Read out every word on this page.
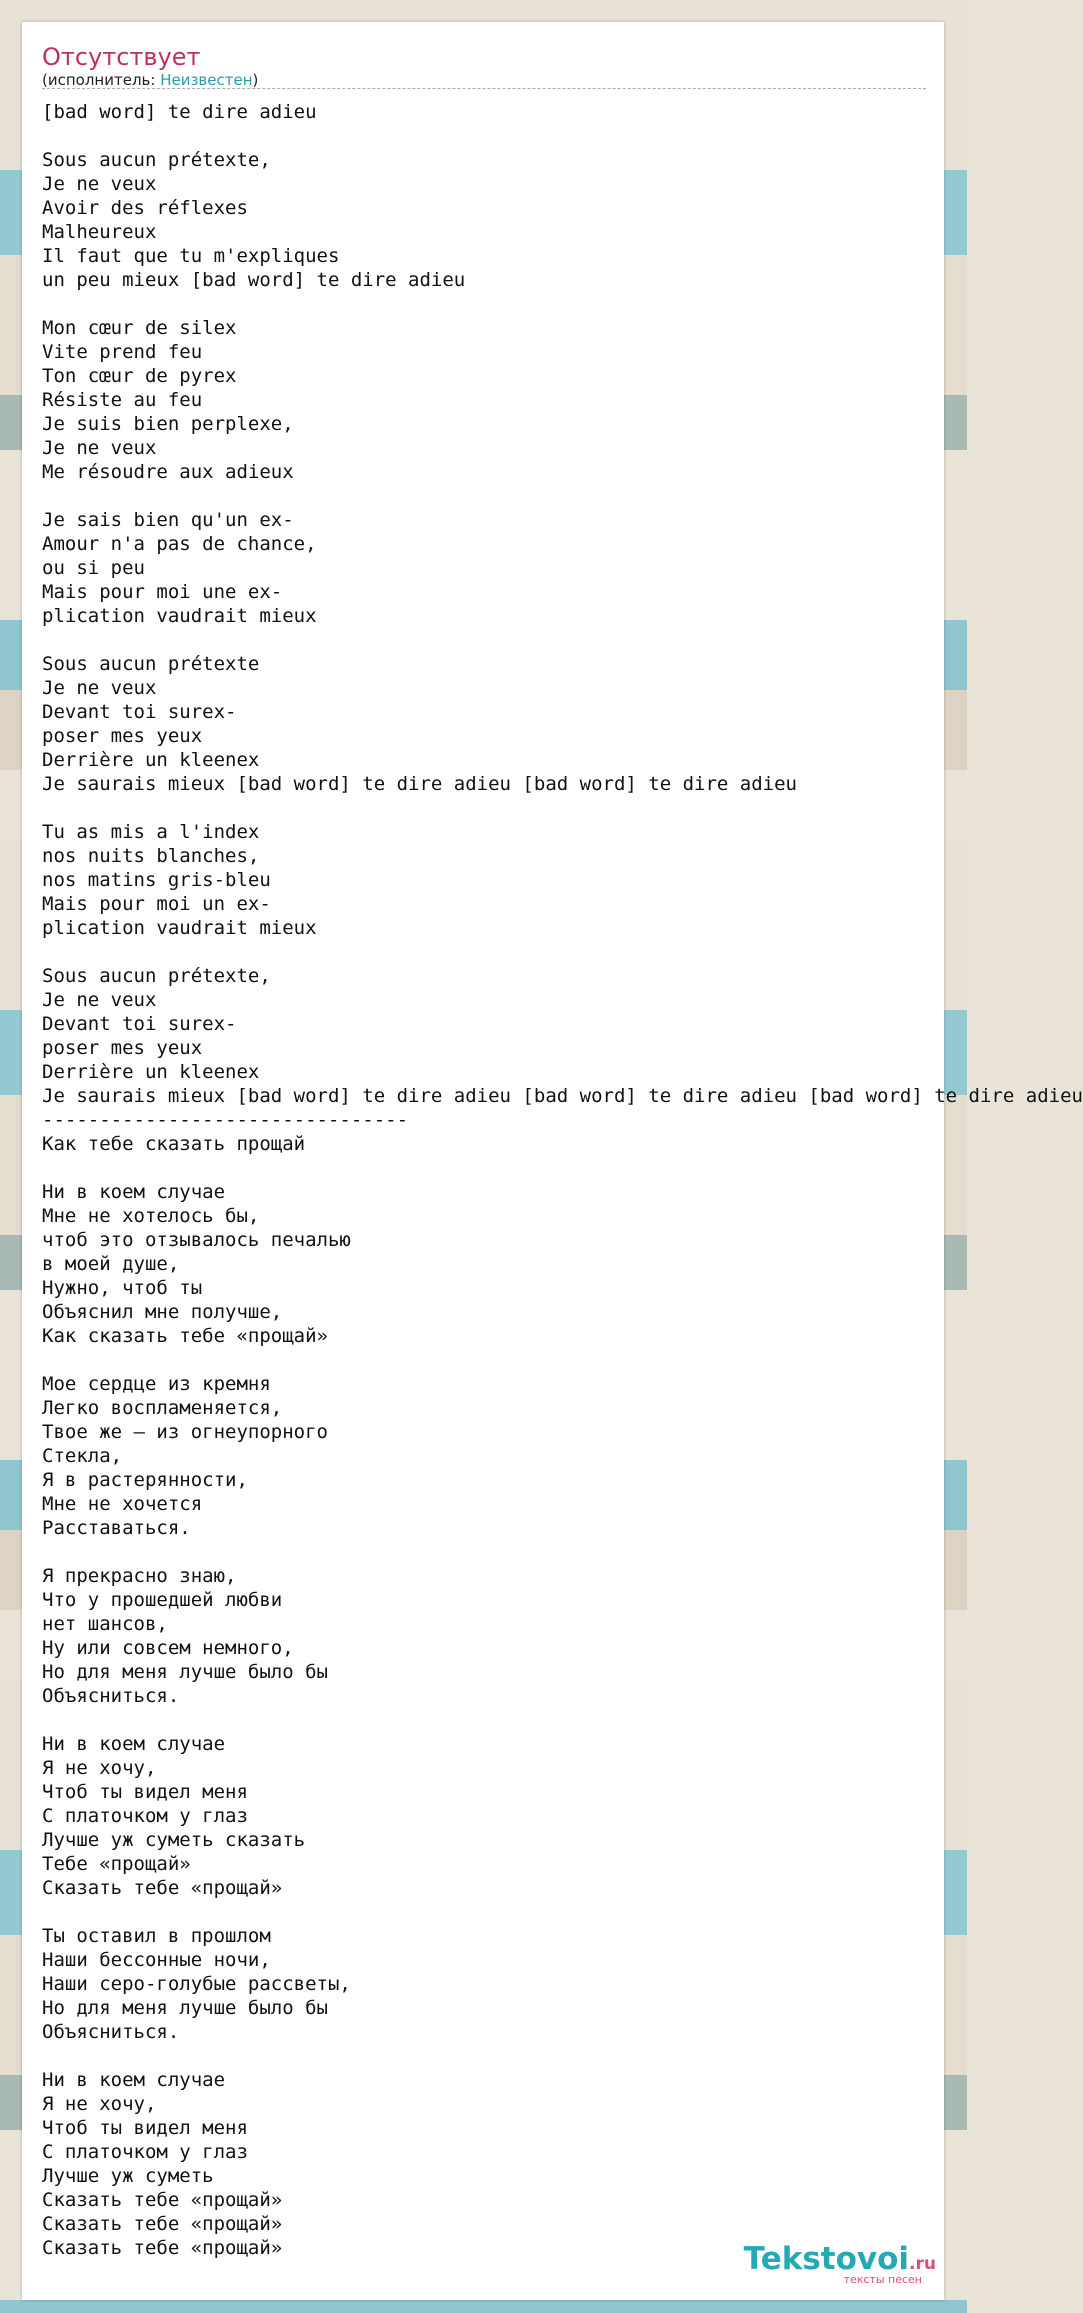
Отсутствует
(исполнитель: Неизвестен)
[bad word] te dire adieu

Sous aucun prétexte,
Je ne veux
Avoir des réflexes
Malheureux
Il faut que tu m'expliques
un peu mieux [bad word] te dire adieu

Mon cœur de silex
Vite prend feu
Ton cœur de pyrex
Résiste au feu
Je suis bien perplexe,
Je ne veux
Me résoudre aux adieux

Je sais bien qu'un ex-
Amour n'a pas de chance,
ou si peu
Mais pour moi une ex-
plication vaudrait mieux

Sous aucun prétexte
Je ne veux
Devant toi surex-
poser mes yeux
Derrière un kleenex
Je saurais mieux [bad word] te dire adieu [bad word] te dire adieu

Tu as mis a l'index
nos nuits blanches,
nos matins gris-bleu
Mais pour moi un ex-
plication vaudrait mieux

Sous aucun prétexte,
Je ne veux
Devant toi surex-
poser mes yeux
Derrière un kleenex
Je saurais mieux [bad word] te dire adieu [bad word] te dire adieu [bad word] te dire adieu
--------------------------------
Как тебе сказать прощай

Ни в коем случае
Мне не хотелось бы,
чтоб это отзывалось печалью
в моей душе,
Нужно, чтоб ты
Объяснил мне получше,
Как сказать тебе «прощай»

Мое сердце из кремня
Легко воспламеняется,
Твое же – из огнеупорного
Стекла,
Я в растерянности,
Мне не хочется
Расставаться.

Я прекрасно знаю,
Что у прошедшей любви
нет шансов,
Ну или совсем немного,
Но для меня лучше было бы
Объясниться.

Ни в коем случае
Я не хочу,
Чтоб ты видел меня
С платочком у глаз
Лучше уж суметь сказать
Тебе «прощай»
Сказать тебе «прощай»

Ты оставил в прошлом
Наши бессонные ночи,
Наши серо-голубые рассветы,
Но для меня лучше было бы
Объясниться.

Ни в коем случае
Я не хочу,
Чтоб ты видел меня
С платочком у глаз
Лучше уж суметь
Сказать тебе «прощай»
Сказать тебе «прощай»
Сказать тебе «прощай»	Tekstovoi.ru
тексты песен
